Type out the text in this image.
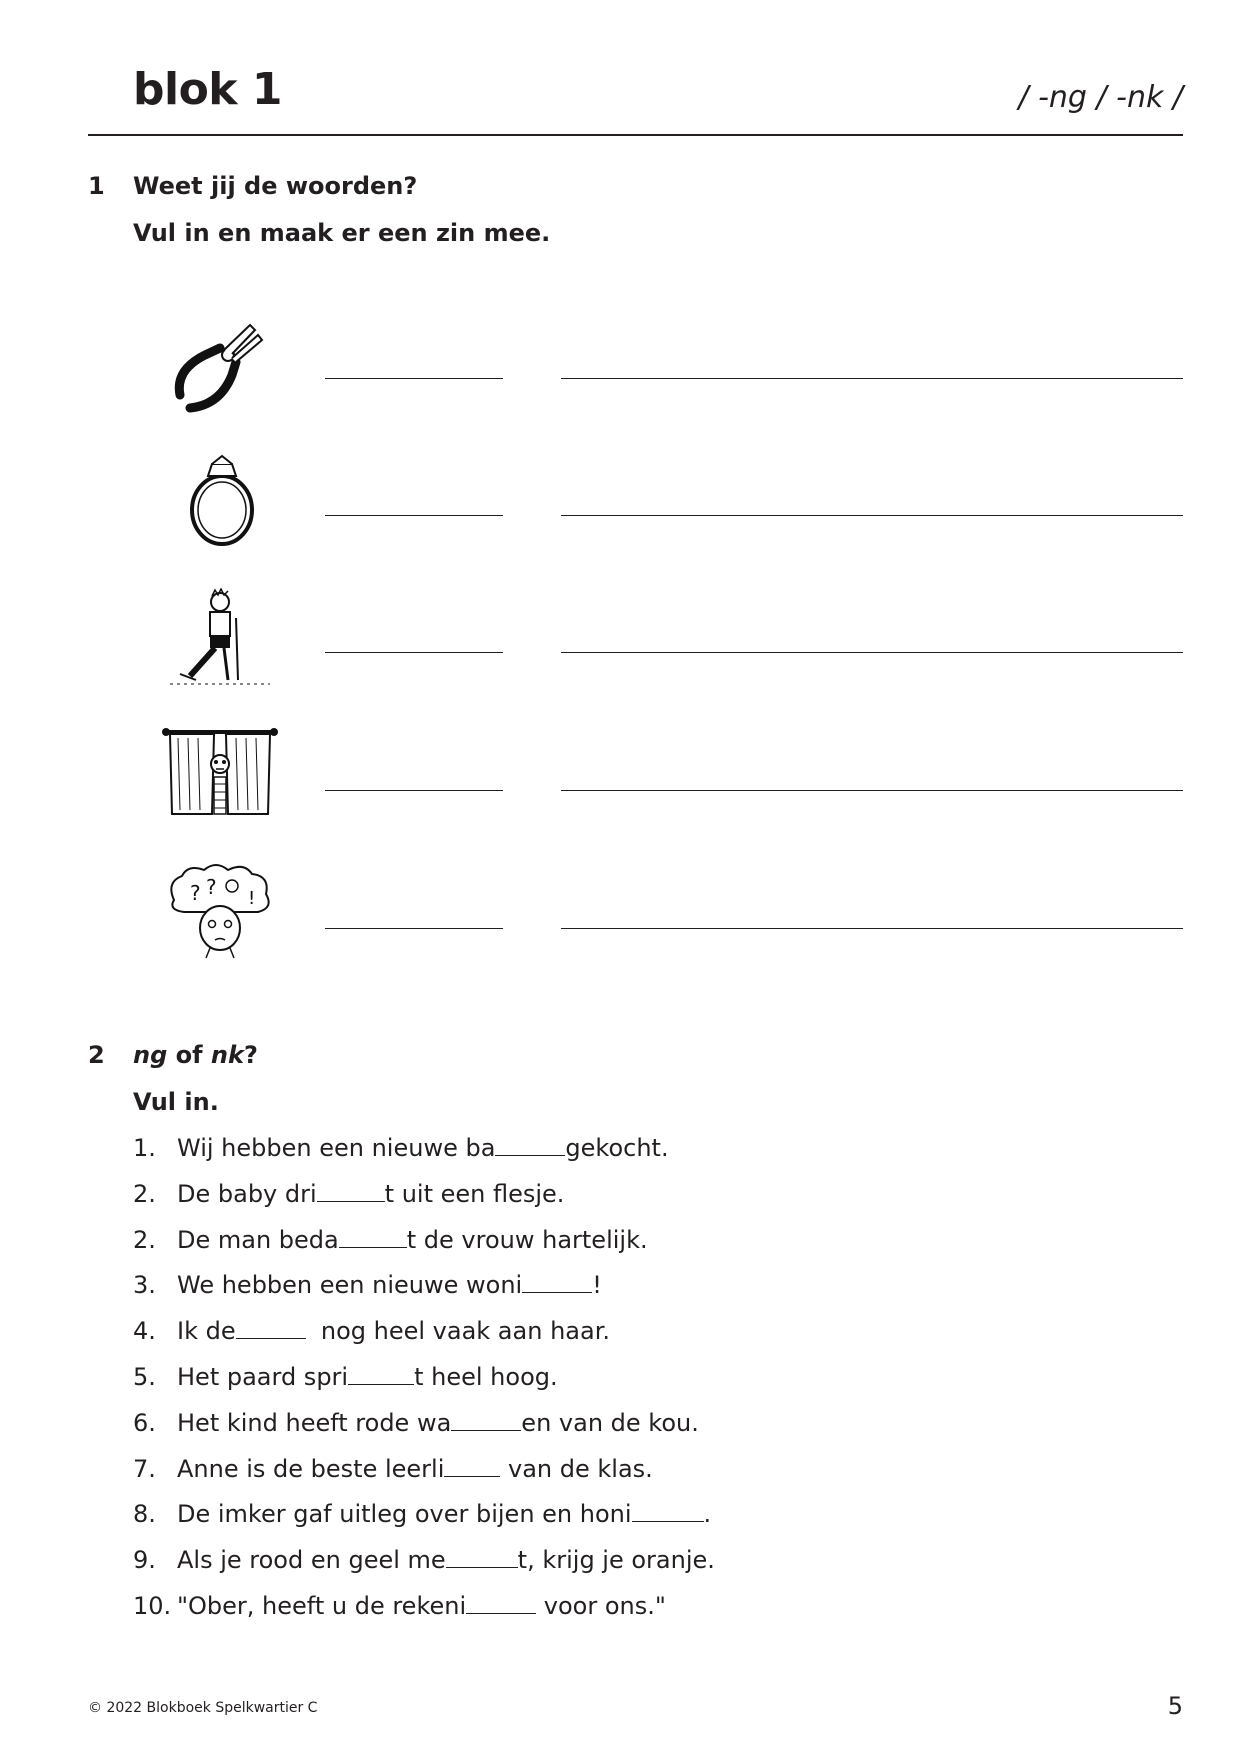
blok 1	/ -ng / -nk /
1 Weet jij de woorden?
Vul in en maak er een zin mee.
? ? !
2 ng of nk?
Vul in.
1. Wij hebben een nieuwe ba	gekocht.
2. De baby dri	t uit een flesje.
2. De man beda	t de vrouw hartelijk.
3. We hebben een nieuwe woni	!
4. Ik de	nog heel vaak aan haar.
5. Het paard spri	t heel hoog.
6. Het kind heeft rode wa	en van de kou.
7. Anne is de beste leerli van de klas.
8. De imker gaf uitleg over bijen en honi	.
9. Als je rood en geel me	t, krijg je oranje.
10. "Ober, heeft u de rekeni	voor ons."
© 2022 Blokboek Spelkwartier C	5
